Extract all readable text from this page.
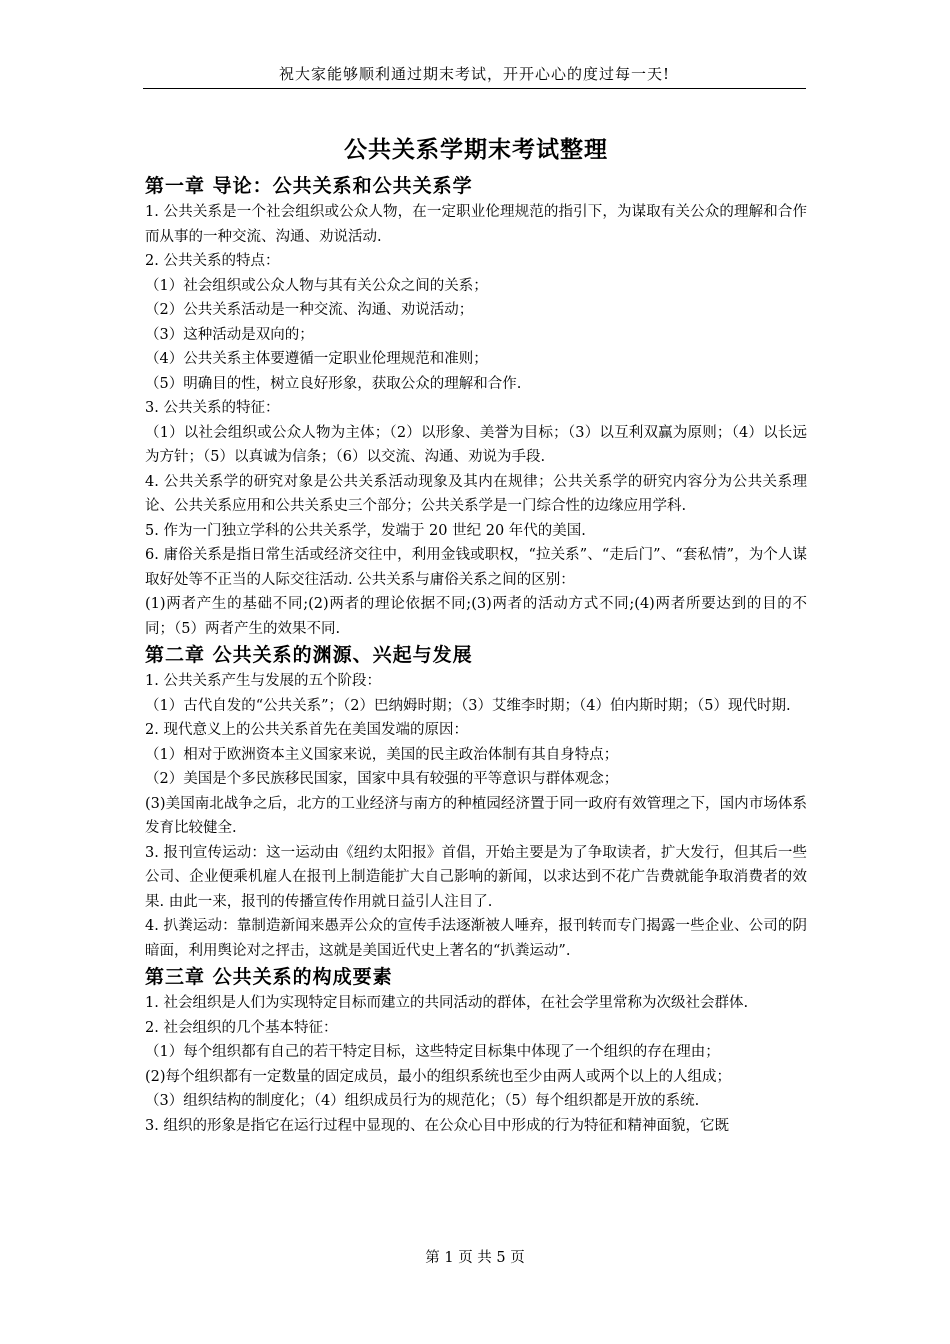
祝大家能够顺利通过期末考试，开开心心的度过每一天!
公共关系学期末考试整理
第一章 导论：公共关系和公共关系学

1. 公共关系是一个社会组织或公众人物，在一定职业伦理规范的指引下，为谋取有关公众的理解和合作而从事的一种交流、沟通、劝说活动.

2. 公共关系的特点：

（1）社会组织或公众人物与其有关公众之间的关系；

（2）公共关系活动是一种交流、沟通、劝说活动；

（3）这种活动是双向的；

（4）公共关系主体要遵循一定职业伦理规范和准则；

（5）明确目的性，树立良好形象，获取公众的理解和合作.

3. 公共关系的特征：

（1）以社会组织或公众人物为主体；（2）以形象、美誉为目标；（3）以互利双赢为原则；（4）以长远为方针；（5）以真诚为信条；（6）以交流、沟通、劝说为手段.

4. 公共关系学的研究对象是公共关系活动现象及其内在规律；公共关系学的研究内容分为公共关系理论、公共关系应用和公共关系史三个部分；公共关系学是一门综合性的边缘应用学科.

5. 作为一门独立学科的公共关系学，发端于 20 世纪 20 年代的美国.

6. 庸俗关系是指日常生活或经济交往中，利用金钱或职权，“拉关系”、“走后门”、“套私情”，为个人谋取好处等不正当的人际交往活动. 公共关系与庸俗关系之间的区别：

(1)两者产生的基础不同;(2)两者的理论依据不同;(3)两者的活动方式不同;(4)两者所要达到的目的不同；（5）两者产生的效果不同.

第二章 公共关系的渊源、兴起与发展

1. 公共关系产生与发展的五个阶段：

（1）古代自发的“公共关系”；（2）巴纳姆时期；（3）艾维李时期；（4）伯内斯时期；（5）现代时期.

2. 现代意义上的公共关系首先在美国发端的原因：

（1）相对于欧洲资本主义国家来说，美国的民主政治体制有其自身特点；

（2）美国是个多民族移民国家，国家中具有较强的平等意识与群体观念；

(3)美国南北战争之后，北方的工业经济与南方的种植园经济置于同一政府有效管理之下，国内市场体系发育比较健全.

3. 报刊宣传运动：这一运动由《纽约太阳报》首倡，开始主要是为了争取读者，扩大发行，但其后一些公司、企业便乘机雇人在报刊上制造能扩大自己影响的新闻，以求达到不花广告费就能争取消费者的效果. 由此一来，报刊的传播宣传作用就日益引人注目了.

4. 扒粪运动：靠制造新闻来愚弄公众的宣传手法逐渐被人唾弃，报刊转而专门揭露一些企业、公司的阴暗面，利用舆论对之抨击，这就是美国近代史上著名的“扒粪运动”.

第三章 公共关系的构成要素

1. 社会组织是人们为实现特定目标而建立的共同活动的群体，在社会学里常称为次级社会群体.

2. 社会组织的几个基本特征：

（1）每个组织都有自己的若干特定目标，这些特定目标集中体现了一个组织的存在理由；

(2)每个组织都有一定数量的固定成员，最小的组织系统也至少由两人或两个以上的人组成；

（3）组织结构的制度化；（4）组织成员行为的规范化；（5）每个组织都是开放的系统.

3. 组织的形象是指它在运行过程中显现的、在公众心目中形成的行为特征和精神面貌，它既

第 1 页 共 5 页
